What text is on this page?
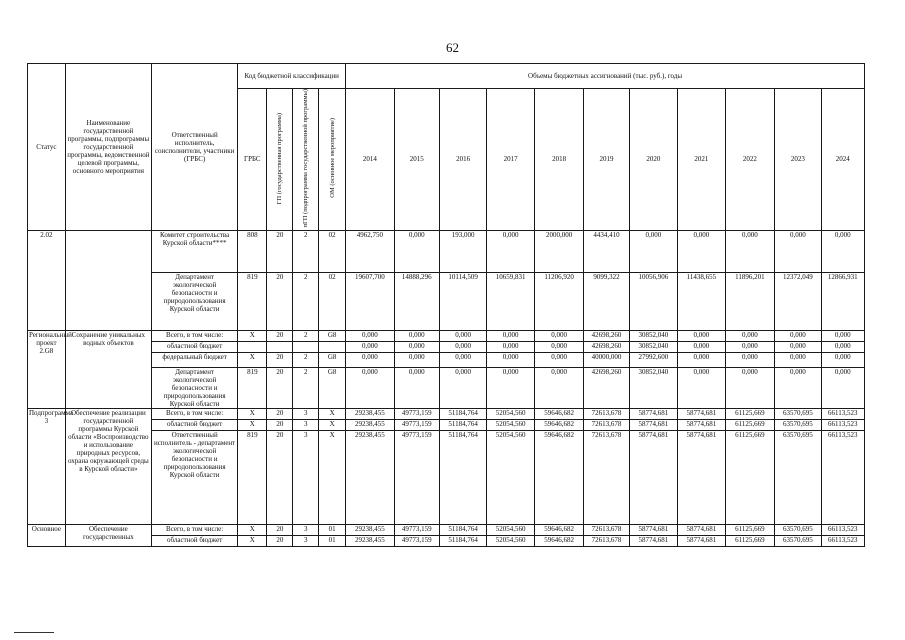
62
Статус	Наименование государственной программы, подпрограммы государственной программы, ведомственной целевой программы, основного мероприятия	Ответственный исполнитель, соисполнители, участники (ГРБС)	Код бюджетной классификации				Объемы бюджетных ассигнований (тыс. руб.), годы										
			ГРБС	ГП (государственная программа)	пГП (подпрограмма государственной программы)	ОМ (основное мероприятие)	2014	2015	2016	2017	2018	2019	2020	2021	2022	2023	2024
2.02		Комитет строительства Курской области****	808	20	2	02	4962,750	0,000	193,000	0,000	2000,000	4434,410	0,000	0,000	0,000	0,000	0,000
		Департамент экологической безопасности и природопользования Курской области	819	20	2	02	19607,700	14888,296	10114,509	10659,831	11206,920	9099,322	10056,906	11438,655	11896,201	12372,049	12866,931
Региональный проект 2.G8	Сохранение уникальных водных объектов	Всего, в том числе:	X	20	2	G8	0,000	0,000	0,000	0,000	0,000	42698,260	30852,040	0,000	0,000	0,000	0,000
		областной бюджет					0,000	0,000	0,000	0,000	0,000	42698,260	30852,040	0,000	0,000	0,000	0,000
		федеральный бюджет	X	20	2	G8	0,000	0,000	0,000	0,000	0,000	40000,000	27992,600	0,000	0,000	0,000	0,000
		Департамент экологической безопасности и природопользования Курской области	819	20	2	G8	0,000	0,000	0,000	0,000	0,000	42698,260	30852,040	0,000	0,000	0,000	0,000
Подпрограмма 3	Обеспечение реализации государственной программы Курской области «Воспроизводство и использование природных ресурсов, охрана окружающей среды в Курской области»	Всего, в том числе:	X	20	3	X	29238,455	49773,159	51184,764	52054,560	59646,682	72613,678	58774,681	58774,681	61125,669	63570,695	66113,523
		областной бюджет	X	20	3	X	29238,455	49773,159	51184,764	52054,560	59646,682	72613,678	58774,681	58774,681	61125,669	63570,695	66113,523
		Ответственный исполнитель - департамент экологической безопасности и природопользования Курской области	819	20	3	X	29238,455	49773,159	51184,764	52054,560	59646,682	72613,678	58774,681	58774,681	61125,669	63570,695	66113,523
Основное	Обеспечение государственных	Всего, в том числе:	X	20	3	01	29238,455	49773,159	51184,764	52054,560	59646,682	72613,678	58774,681	58774,681	61125,669	63570,695	66113,523
		областной бюджет	X	20	3	01	29238,455	49773,159	51184,764	52054,560	59646,682	72613,678	58774,681	58774,681	61125,669	63570,695	66113,523
